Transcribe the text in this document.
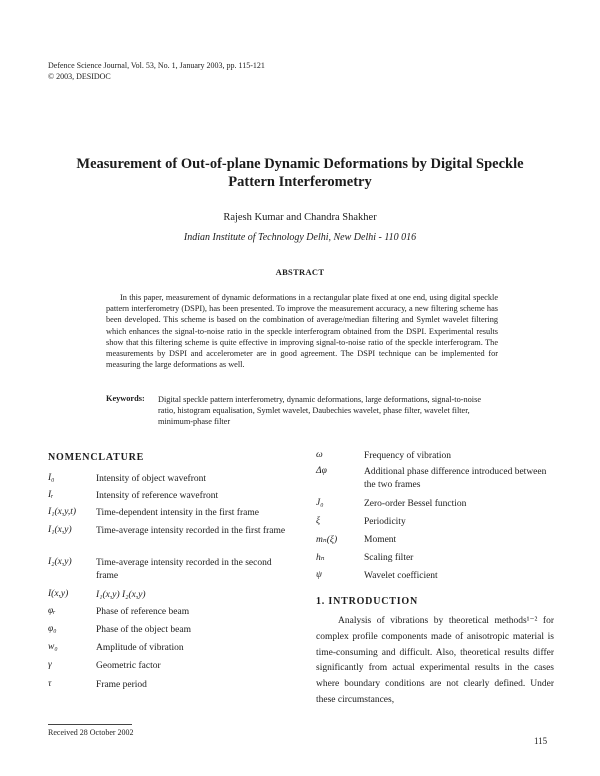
Defence Science Journal, Vol. 53, No. 1, January 2003, pp. 115-121
© 2003, DESIDOC
Measurement of Out-of-plane Dynamic Deformations by Digital Speckle Pattern Interferometry
Rajesh Kumar and Chandra Shakher
Indian Institute of Technology Delhi, New Delhi - 110 016
ABSTRACT
In this paper, measurement of dynamic deformations in a rectangular plate fixed at one end, using digital speckle pattern interferometry (DSPI), has been presented. To improve the measurement accuracy, a new filtering scheme has been developed. This scheme is based on the combination of average/median filtering and Symlet wavelet filtering which enhances the signal-to-noise ratio in the speckle interferogram obtained from the DSPI. Experimental results show that this filtering scheme is quite effective in improving signal-to-noise ratio of the speckle interferogram. The measurements by DSPI and accelerometer are in good agreement. The DSPI technique can be implemented for measuring the large deformations as well.
Keywords: Digital speckle pattern interferometry, dynamic deformations, large deformations, signal-to-noise ratio, histogram equalisation, Symlet wavelet, Daubechies wavelet, phase filter, wavelet filter, minimum-phase filter
NOMENCLATURE
I₀	Intensity of object wavefront
Iᵣ	Intensity of reference wavefront
I₁(x,y,t) Time-dependent intensity in the first frame
I₁(x,y)	Time-average intensity recorded in the first frame
I₂(x,y)	Time-average intensity recorded in the second frame
I(x,y)	I₁(x,y) I₂(x,y)
φᵣ	Phase of reference beam
φ₀	Phase of the object beam
w₀	Amplitude of vibration
γ	Geometric factor
τ	Frame period
ω	Frequency of vibration
Δφ	Additional phase difference introduced between the two frames
J₀	Zero-order Bessel function
ξ	Periodicity
mₙ(ξ)	Moment
hₙ	Scaling filter
ψ	Wavelet coefficient
1. INTRODUCTION
Analysis of vibrations by theoretical methods¹⁻² for complex profile components made of anisotropic material is time-consuming and difficult. Also, theoretical results differ significantly from actual experimental results in the cases where boundary conditions are not clearly defined. Under these circumstances,
Received 28 October 2002
115
